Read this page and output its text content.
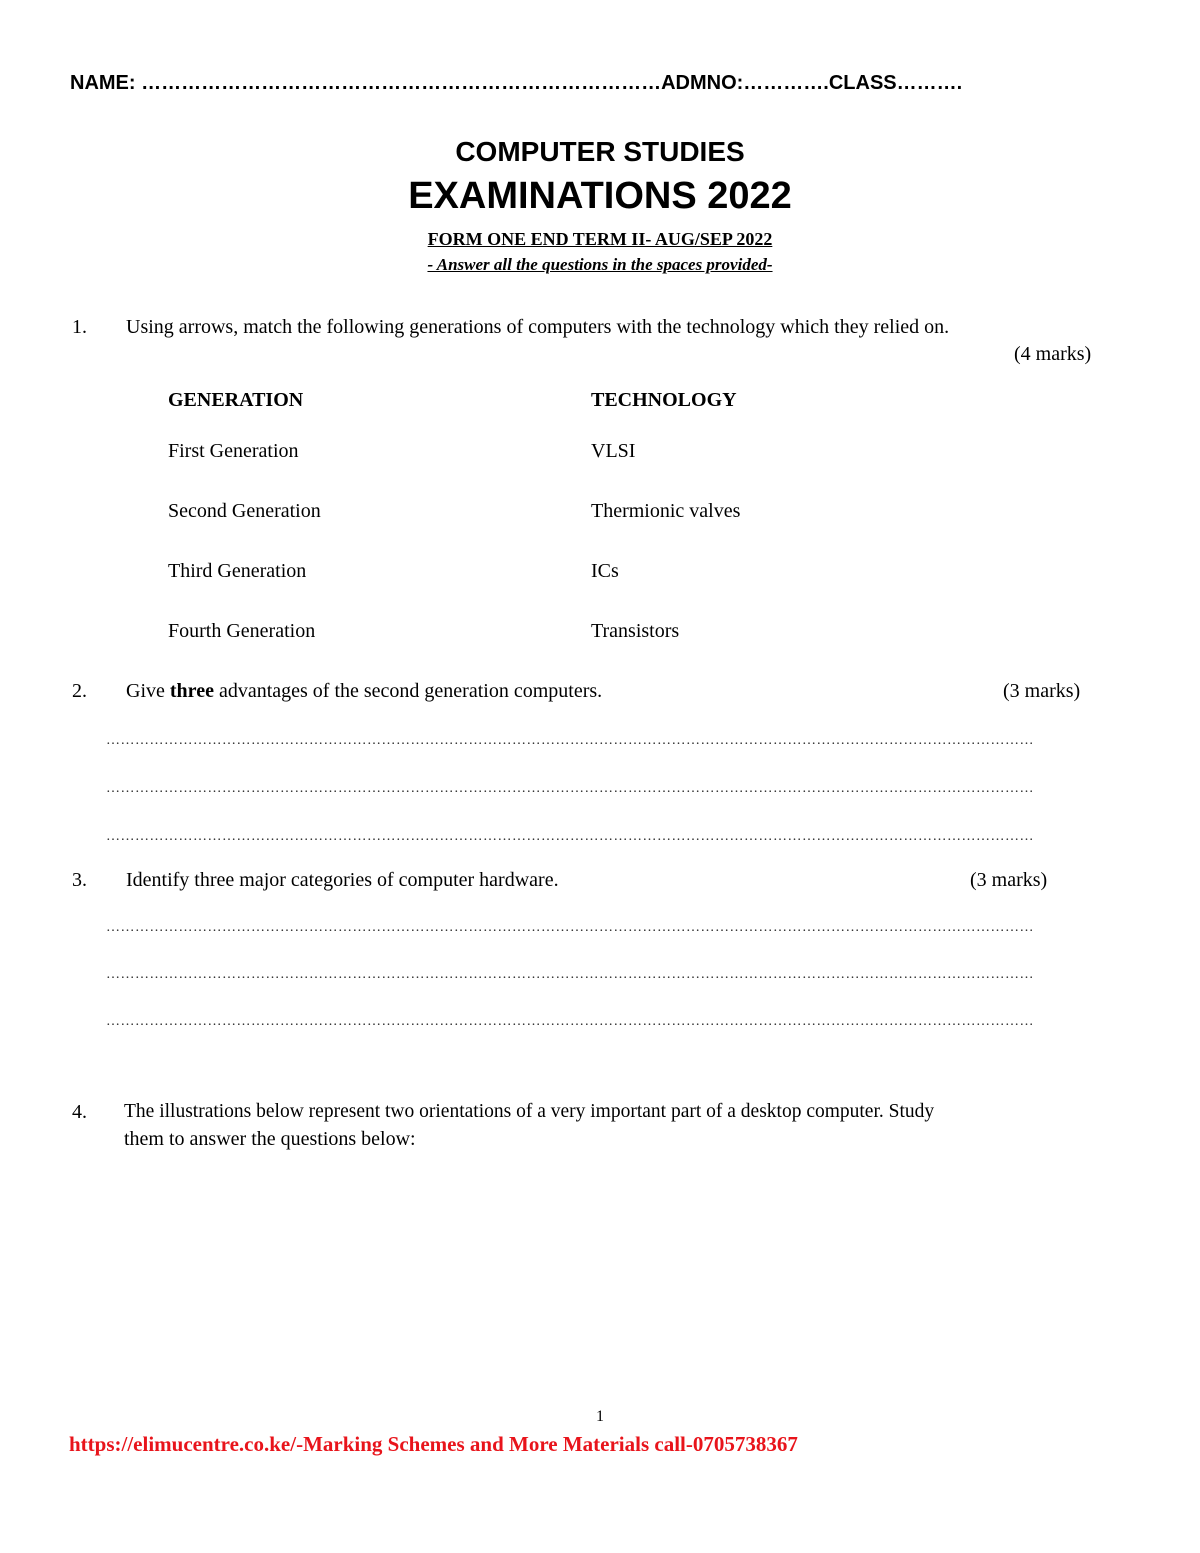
NAME: ……………………………………………………………………ADMNO:………….CLASS……….
COMPUTER STUDIES
EXAMINATIONS 2022
FORM ONE END TERM II- AUG/SEP 2022
- Answer all the questions in the spaces provided-
1. Using arrows, match the following generations of computers with the technology which they relied on.
(4 marks)
GENERATION	TECHNOLOGY
First Generation	VLSI
Second Generation	Thermionic valves
Third Generation	ICs
Fourth Generation	Transistors
2. Give three advantages of the second generation computers.	(3 marks)
…………………………………………………………………………………………………………………………………………………………………………
…………………………………………………………………………………………………………………………………………………………………………
…………………………………………………………………………………………………………………………………………………………………………
3. Identify three major categories of computer hardware.	(3 marks)
…………………………………………………………………………………………………………………………………………………………………………
…………………………………………………………………………………………………………………………………………………………………………
…………………………………………………………………………………………………………………………………………………………………………
4. The illustrations below represent two orientations of a very important part of a desktop computer. Study
them to answer the questions below:
1
https://elimucentre.co.ke/-Marking Schemes and More Materials call-0705738367
